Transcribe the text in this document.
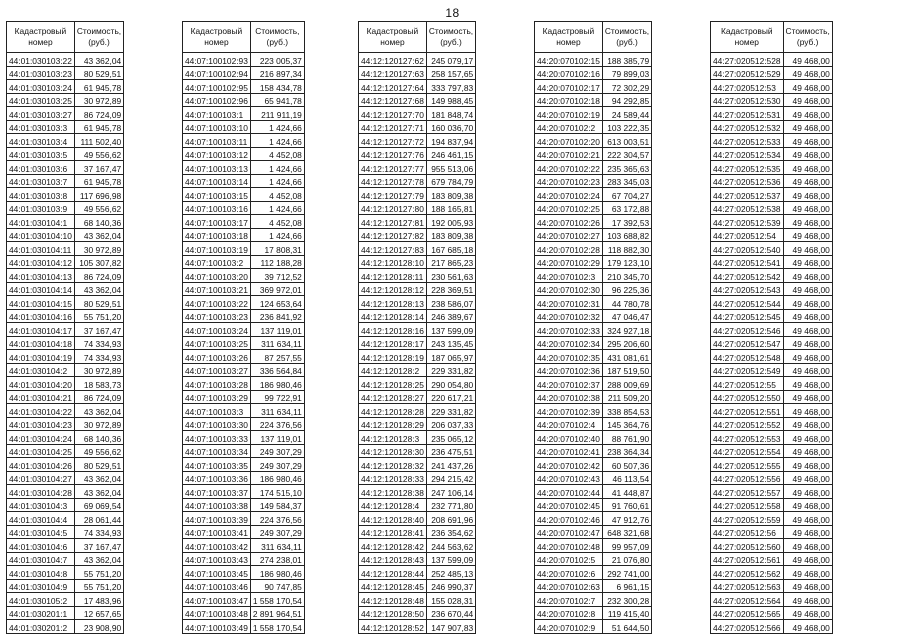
18
Кадастровый номер	Стоимость, (руб.)
44:01:030103:22	43 362,04
44:01:030103:23	80 529,51
44:01:030103:24	61 945,78
44:01:030103:25	30 972,89
44:01:030103:27	86 724,09
44:01:030103:3	61 945,78
44:01:030103:4	111 502,40
44:01:030103:5	49 556,62
44:01:030103:6	37 167,47
44:01:030103:7	61 945,78
44:01:030103:8	117 696,98
44:01:030103:9	49 556,62
44:01:030104:1	68 140,36
44:01:030104:10	43 362,04
44:01:030104:11	30 972,89
44:01:030104:12	105 307,82
44:01:030104:13	86 724,09
44:01:030104:14	43 362,04
44:01:030104:15	80 529,51
44:01:030104:16	55 751,20
44:01:030104:17	37 167,47
44:01:030104:18	74 334,93
44:01:030104:19	74 334,93
44:01:030104:2	30 972,89
44:01:030104:20	18 583,73
44:01:030104:21	86 724,09
44:01:030104:22	43 362,04
44:01:030104:23	30 972,89
44:01:030104:24	68 140,36
44:01:030104:25	49 556,62
44:01:030104:26	80 529,51
44:01:030104:27	43 362,04
44:01:030104:28	43 362,04
44:01:030104:3	69 069,54
44:01:030104:4	28 061,44
44:01:030104:5	74 334,93
44:01:030104:6	37 167,47
44:01:030104:7	43 362,04
44:01:030104:8	55 751,20
44:01:030104:9	55 751,20
44:01:030105:2	17 483,96
44:01:030201:1	12 657,65
44:01:030201:2	23 908,90
Кадастровый номер	Стоимость, (руб.)
44:07:100102:93	223 005,37
44:07:100102:94	216 897,34
44:07:100102:95	158 434,78
44:07:100102:96	65 941,78
44:07:100103:1	211 911,19
44:07:100103:10	1 424,66
44:07:100103:11	1 424,66
44:07:100103:12	4 452,08
44:07:100103:13	1 424,66
44:07:100103:14	1 424,66
44:07:100103:15	4 452,08
44:07:100103:16	1 424,66
44:07:100103:17	4 452,08
44:07:100103:18	1 424,66
44:07:100103:19	17 808,31
44:07:100103:2	112 188,28
44:07:100103:20	39 712,52
44:07:100103:21	369 972,01
44:07:100103:22	124 653,64
44:07:100103:23	236 841,92
44:07:100103:24	137 119,01
44:07:100103:25	311 634,11
44:07:100103:26	87 257,55
44:07:100103:27	336 564,84
44:07:100103:28	186 980,46
44:07:100103:29	99 722,91
44:07:100103:3	311 634,11
44:07:100103:30	224 376,56
44:07:100103:33	137 119,01
44:07:100103:34	249 307,29
44:07:100103:35	249 307,29
44:07:100103:36	186 980,46
44:07:100103:37	174 515,10
44:07:100103:38	149 584,37
44:07:100103:39	224 376,56
44:07:100103:41	249 307,29
44:07:100103:42	311 634,11
44:07:100103:43	274 238,01
44:07:100103:45	186 980,46
44:07:100103:46	90 747,85
44:07:100103:47	1 558 170,54
44:07:100103:48	2 891 964,51
44:07:100103:49	1 558 170,54
Кадастровый номер	Стоимость, (руб.)
44:12:120127:62	245 079,17
44:12:120127:63	258 157,65
44:12:120127:64	333 797,83
44:12:120127:68	149 988,45
44:12:120127:70	181 848,74
44:12:120127:71	160 036,70
44:12:120127:72	194 837,94
44:12:120127:76	246 461,15
44:12:120127:77	955 513,06
44:12:120127:78	679 784,79
44:12:120127:79	183 809,38
44:12:120127:80	188 165,81
44:12:120127:81	192 005,93
44:12:120127:82	183 809,38
44:12:120127:83	167 685,18
44:12:120128:10	217 865,23
44:12:120128:11	230 561,63
44:12:120128:12	228 369,51
44:12:120128:13	238 586,07
44:12:120128:14	246 389,67
44:12:120128:16	137 599,09
44:12:120128:17	243 135,45
44:12:120128:19	187 065,97
44:12:120128:2	229 331,82
44:12:120128:25	290 054,80
44:12:120128:27	220 617,21
44:12:120128:28	229 331,82
44:12:120128:29	206 037,33
44:12:120128:3	235 065,12
44:12:120128:30	236 475,51
44:12:120128:32	241 437,26
44:12:120128:33	294 215,42
44:12:120128:38	247 106,14
44:12:120128:4	232 771,80
44:12:120128:40	208 691,96
44:12:120128:41	236 354,62
44:12:120128:42	244 563,62
44:12:120128:43	137 599,09
44:12:120128:44	252 485,13
44:12:120128:45	246 990,37
44:12:120128:48	155 028,31
44:12:120128:50	236 670,44
44:12:120128:52	147 907,83
Кадастровый номер	Стоимость, (руб.)
44:20:070102:15	188 385,79
44:20:070102:16	79 899,03
44:20:070102:17	72 302,29
44:20:070102:18	94 292,85
44:20:070102:19	24 589,44
44:20:070102:2	103 222,35
44:20:070102:20	613 003,51
44:20:070102:21	222 304,57
44:20:070102:22	235 365,63
44:20:070102:23	283 345,03
44:20:070102:24	67 704,27
44:20:070102:25	63 172,88
44:20:070102:26	17 392,53
44:20:070102:27	103 688,82
44:20:070102:28	118 882,30
44:20:070102:29	179 123,10
44:20:070102:3	210 345,70
44:20:070102:30	96 225,36
44:20:070102:31	44 780,78
44:20:070102:32	47 046,47
44:20:070102:33	324 927,18
44:20:070102:34	295 206,60
44:20:070102:35	431 081,61
44:20:070102:36	187 519,50
44:20:070102:37	288 009,69
44:20:070102:38	211 509,20
44:20:070102:39	338 854,53
44:20:070102:4	145 364,76
44:20:070102:40	88 761,90
44:20:070102:41	238 364,34
44:20:070102:42	60 507,36
44:20:070102:43	46 113,54
44:20:070102:44	41 448,87
44:20:070102:45	91 760,61
44:20:070102:46	47 912,76
44:20:070102:47	648 321,68
44:20:070102:48	99 957,09
44:20:070102:5	21 076,80
44:20:070102:6	292 741,00
44:20:070102:63	6 961,15
44:20:070102:7	232 300,28
44:20:070102:8	119 415,40
44:20:070102:9	51 644,50
Кадастровый номер	Стоимость, (руб.)
44:27:020512:528	49 468,00
44:27:020512:529	49 468,00
44:27:020512:53	49 468,00
44:27:020512:530	49 468,00
44:27:020512:531	49 468,00
44:27:020512:532	49 468,00
44:27:020512:533	49 468,00
44:27:020512:534	49 468,00
44:27:020512:535	49 468,00
44:27:020512:536	49 468,00
44:27:020512:537	49 468,00
44:27:020512:538	49 468,00
44:27:020512:539	49 468,00
44:27:020512:54	49 468,00
44:27:020512:540	49 468,00
44:27:020512:541	49 468,00
44:27:020512:542	49 468,00
44:27:020512:543	49 468,00
44:27:020512:544	49 468,00
44:27:020512:545	49 468,00
44:27:020512:546	49 468,00
44:27:020512:547	49 468,00
44:27:020512:548	49 468,00
44:27:020512:549	49 468,00
44:27:020512:55	49 468,00
44:27:020512:550	49 468,00
44:27:020512:551	49 468,00
44:27:020512:552	49 468,00
44:27:020512:553	49 468,00
44:27:020512:554	49 468,00
44:27:020512:555	49 468,00
44:27:020512:556	49 468,00
44:27:020512:557	49 468,00
44:27:020512:558	49 468,00
44:27:020512:559	49 468,00
44:27:020512:56	49 468,00
44:27:020512:560	49 468,00
44:27:020512:561	49 468,00
44:27:020512:562	49 468,00
44:27:020512:563	49 468,00
44:27:020512:564	49 468,00
44:27:020512:565	49 468,00
44:27:020512:566	49 468,00
